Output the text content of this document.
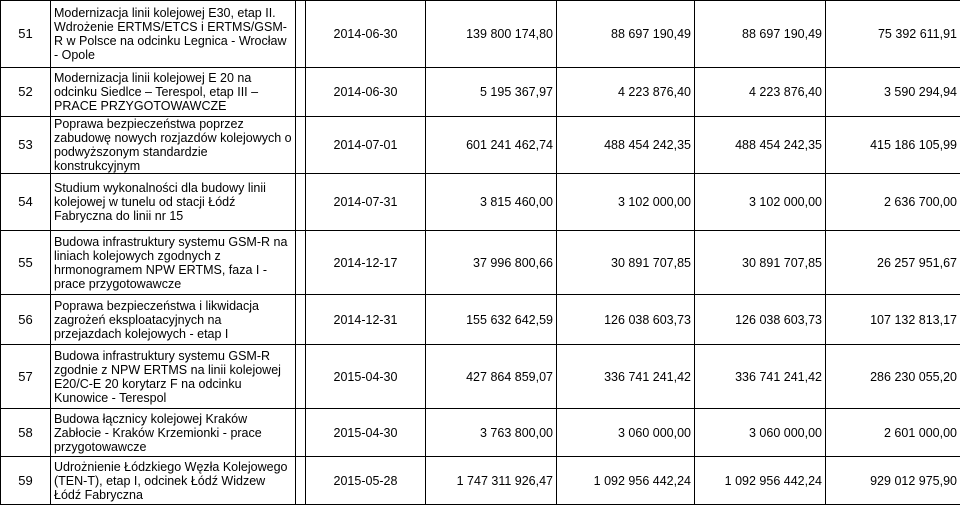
51	Modernizacja linii kolejowej E30, etap II. Wdrożenie ERTMS/ETCS i ERTMS/GSM-R w Polsce na odcinku Legnica - Wrocław - Opole		2014-06-30	139 800 174,80	88 697 190,49	88 697 190,49	75 392 611,91
52	Modernizacja linii kolejowej E 20 na odcinku Siedlce – Terespol, etap III – PRACE PRZYGOTOWAWCZE		2014-06-30	5 195 367,97	4 223 876,40	4 223 876,40	3 590 294,94
53	Poprawa bezpieczeństwa poprzez zabudowę nowych rozjazdów kolejowych o podwyższonym standardzie konstrukcyjnym		2014-07-01	601 241 462,74	488 454 242,35	488 454 242,35	415 186 105,99
54	Studium wykonalności dla budowy linii kolejowej w tunelu od stacji Łódź Fabryczna do linii nr 15		2014-07-31	3 815 460,00	3 102 000,00	3 102 000,00	2 636 700,00
55	Budowa infrastruktury systemu GSM-R na liniach kolejowych zgodnych z hrmonogramem NPW ERTMS, faza I - prace przygotowawcze		2014-12-17	37 996 800,66	30 891 707,85	30 891 707,85	26 257 951,67
56	Poprawa bezpieczeństwa i likwidacja zagrożeń eksploatacyjnych na przejazdach kolejowych - etap I		2014-12-31	155 632 642,59	126 038 603,73	126 038 603,73	107 132 813,17
57	Budowa infrastruktury systemu GSM-R zgodnie z NPW ERTMS na linii kolejowej E20/C-E 20 korytarz F na odcinku Kunowice - Terespol		2015-04-30	427 864 859,07	336 741 241,42	336 741 241,42	286 230 055,20
58	Budowa łącznicy kolejowej Kraków Zabłocie - Kraków Krzemionki - prace przygotowawcze		2015-04-30	3 763 800,00	3 060 000,00	3 060 000,00	2 601 000,00
59	Udrożnienie Łódzkiego Węzła Kolejowego (TEN-T), etap I, odcinek Łódź Widzew Łódź Fabryczna		2015-05-28	1 747 311 926,47	1 092 956 442,24	1 092 956 442,24	929 012 975,90
